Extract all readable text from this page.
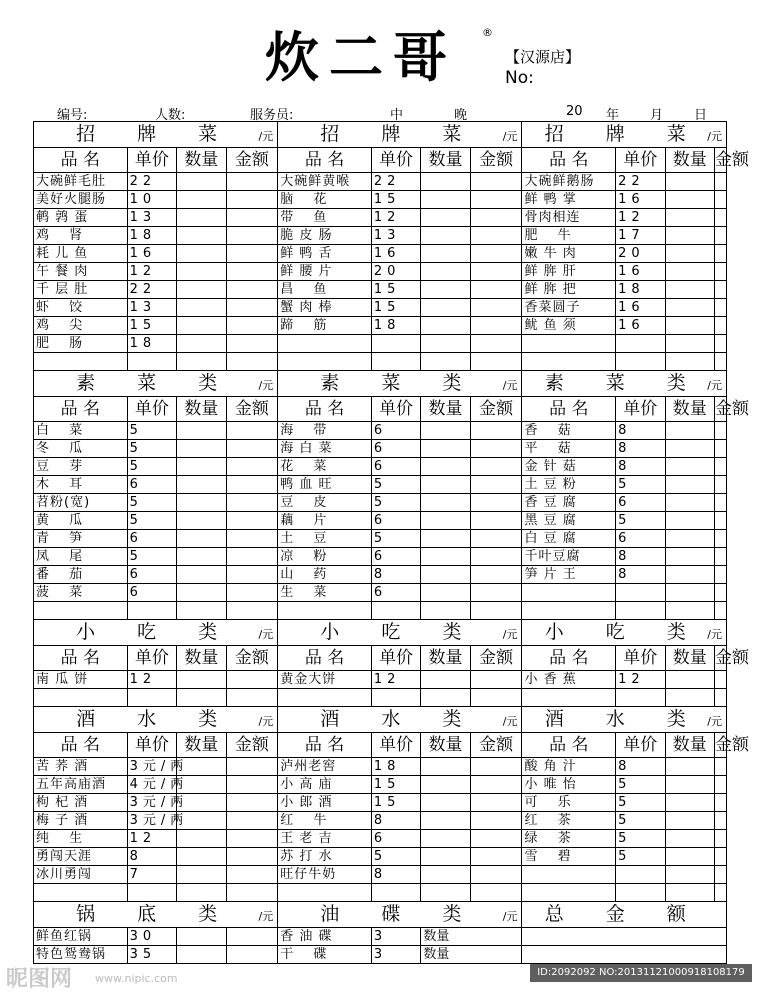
炊二哥 ®
【汉源店】
No:
编号:	人数:	服务员:	中	晚	20 年 月 日
招 牌 菜 /元				招 牌 菜 /元				招 牌 菜 /元			

品 名	单价	数量	金额	品 名	单价	数量	金额	品 名	单价	数量	金额
大碗鲜毛肚	22			大碗鲜黄喉	22			大碗鲜鹅肠	22		
美好火腿肠	10			脑　 花	15			鲜 鸭 掌	16		
鹌 鹑 蛋	13			带　 鱼	12			骨肉相连	12		
鸡　 肾	18			脆 皮 肠	13			肥　 牛	17		
耗 儿 鱼	16			鲜 鸭 舌	16			嫩 牛 肉	20		
午 餐 肉	12			鲜 腰 片	20			鲜 脌 肝	16		
千 层 肚	22			昌　 鱼	15			鲜 脌 把	18		
虾　 饺	13			蟹 肉 棒	15			香菜圆子	16		
鸡　 尖	15			蹄　 筋	18			鱿 鱼 须	16		
肥　 肠	18										

素 菜 类 /元				素 菜 类 /元				素 菜 类 /元			

品 名	单价	数量	金额	品 名	单价	数量	金额	品 名	单价	数量	金额
白　 菜	5			海　 带	6			香　 菇	8		
冬　 瓜	5			海 白 菜	6			平　 菇	8		
豆　 芽	5			花　 菜	6			金 针 菇	8		
木　 耳	6			鸭 血 旺	5			土 豆 粉	5		
苕粉(宽)	5			豆　 皮	5			香 豆 腐	6		
黄　 瓜	5			藕　 片	6			黑 豆 腐	5		
青　 笋	6			土　 豆	5			白 豆 腐	6		
凤　 尾	5			凉　 粉	6			千叶豆腐	8		
番　 茄	6			山　 药	8			笋 片 王	8		
菠　 菜	6			生　 菜	6						

小 吃 类 /元				小 吃 类 /元				小 吃 类 /元			

品 名	单价	数量	金额	品 名	单价	数量	金额	品 名	单价	数量	金额
南 瓜 饼	12			黄金大饼	12			小 香 蕉	12		

酒 水 类 /元				酒 水 类 /元				酒 水 类 /元			

品 名	单价	数量	金额	品 名	单价	数量	金额	品 名	单价	数量	金额
苦 荞 酒	3元/两			泸州老窖	18			酸 角 汁	8		
五年高庙酒	4元/两			小 高 庙	15			小 唯 怡	5		
枸 杞 酒	3元/两			小 郎 酒	15			可　 乐	5		
梅 子 酒	3元/两			红　 牛	8			红　 茶	5		
纯　 生	12			王 老 吉	6			绿　 茶	5		
勇闯天涯	8			苏 打 水	5			雪　 碧	5		
冰川勇闯	7			旺仔牛奶	8						

锅 底 类 /元				油 碟 类 /元				总 金 额			
鲜鱼红锅	30			香 油 碟	3	数量					
特色鸳鸯锅	35			干　 碟	3	数量					
昵图网 www.nipic.com	ID:2092092 NO:20131121000918108179
